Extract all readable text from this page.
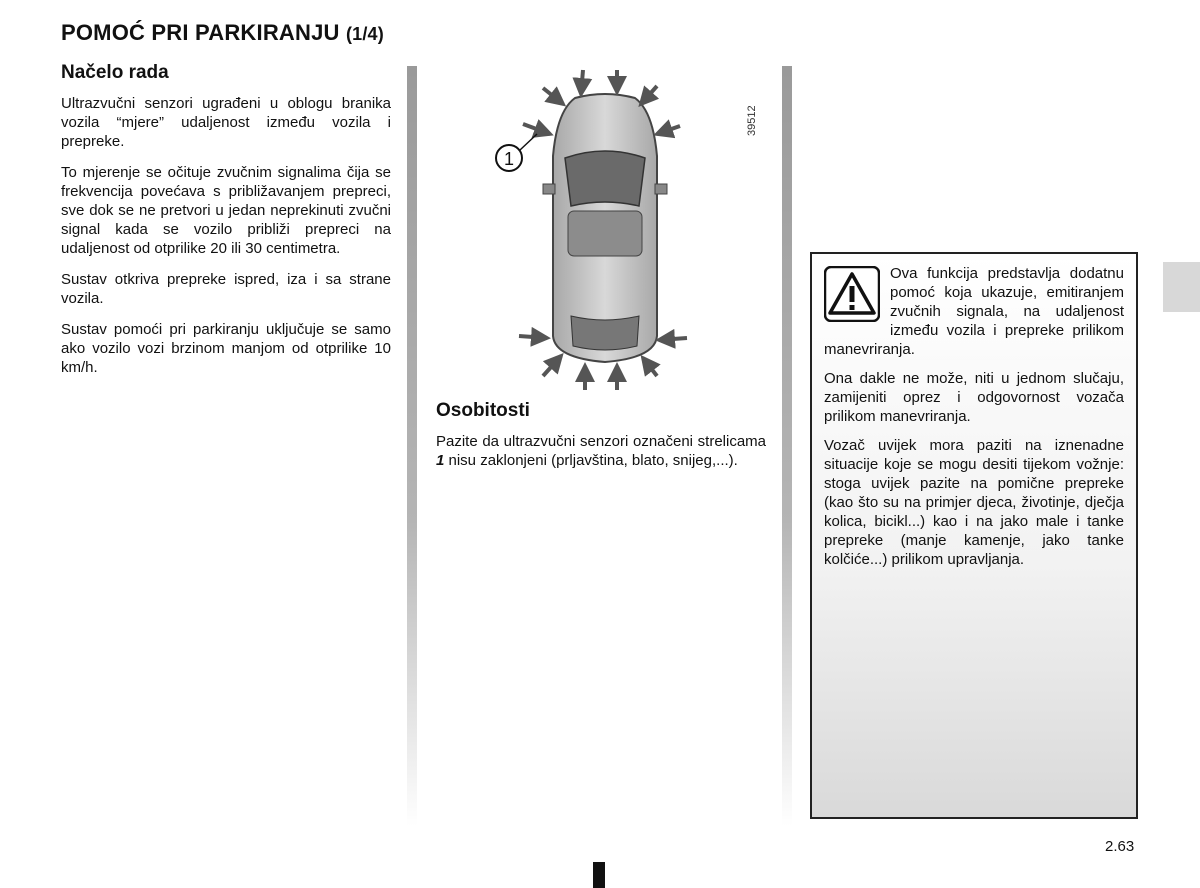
POMOĆ PRI PARKIRANJU (1/4)
Načelo rada

Ultrazvučni senzori ugrađeni u oblogu branika vozila “mjere” udaljenost između vozila i prepreke.

To mjerenje se očituje zvučnim signalima čija se frekvencija povećava s približavanjem prepreci, sve dok se ne pretvori u jedan neprekinuti zvučni signal kada se vozilo približi prepreci na udaljenost od otprilike 20 ili 30 centimetra.

Sustav otkriva prepreke ispred, iza i sa strane vozila.

Sustav pomoći pri parkiranju uključuje se samo ako vozilo vozi brzinom manjom od otprilike 10 km/h.

1
39512
Osobitosti

Pazite da ultrazvučni senzori označeni strelicama 1 nisu zaklonjeni (prljavština, blato, snijeg,...).

Ova funkcija predstavlja dodatnu pomoć koja ukazuje, emitiranjem zvučnih signala, na udaljenost između vozila i prepreke prilikom manevriranja.

Ona dakle ne može, niti u jednom slučaju, zamijeniti oprez i odgovornost vozača prilikom manevriranja.

Vozač uvijek mora paziti na iznenadne situacije koje se mogu desiti tijekom vožnje: stoga uvijek pazite na pomične prepreke (kao što su na primjer djeca, životinje, dječja kolica, bicikl...) kao i na jako male i tanke prepreke (manje kamenje, jako tanke kolčiće...) prilikom upravljanja.

2.63
